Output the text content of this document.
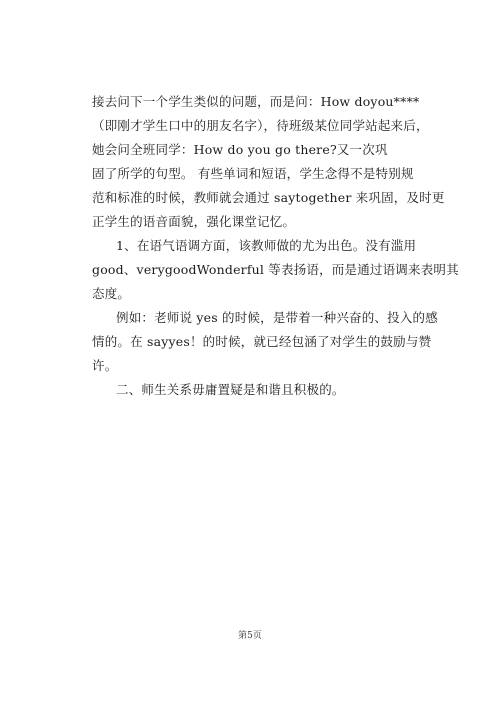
接去问下一个学生类似的问题，而是问：How doyou****
（即刚才学生口中的朋友名字），待班级某位同学站起来后，
她会问全班同学：How do you go there?又一次巩
固了所学的句型。 有些单词和短语，学生念得不是特别规
范和标准的时候，教师就会通过 saytogether 来巩固，及时更
正学生的语音面貌，强化课堂记忆。
1、在语气语调方面，该教师做的尤为出色。没有滥用
good、verygoodWonderful 等表扬语，而是通过语调来表明其
态度。
例如：老师说 yes 的时候，是带着一种兴奋的、投入的感
情的。在 sayyes！的时候，就已经包涵了对学生的鼓励与赞
许。
二、师生关系毋庸置疑是和谐且积极的。
第5页
